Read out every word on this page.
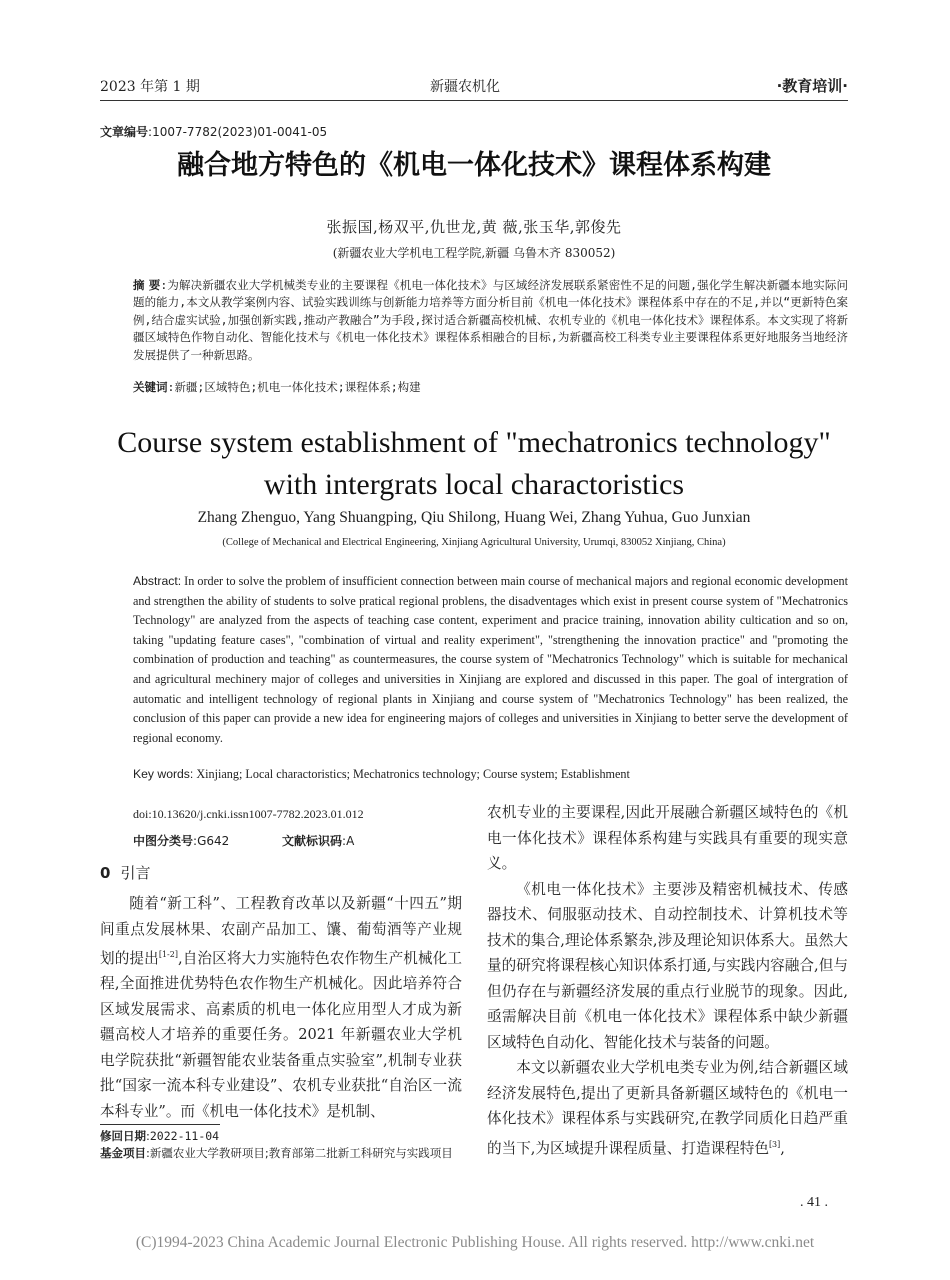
2023 年第 1 期	新疆农机化	·教育培训·
文章编号:1007-7782(2023)01-0041-05
融合地方特色的《机电一体化技术》课程体系构建
张振国,杨双平,仇世龙,黄 薇,张玉华,郭俊先
(新疆农业大学机电工程学院,新疆 乌鲁木齐 830052)
摘 要:为解决新疆农业大学机械类专业的主要课程《机电一体化技术》与区域经济发展联系紧密性不足的问题,强化学生解决新疆本地实际问题的能力,本文从教学案例内容、试验实践训练与创新能力培养等方面分析目前《机电一体化技术》课程体系中存在的不足,并以“更新特色案例,结合虚实试验,加强创新实践,推动产教融合”为手段,探讨适合新疆高校机械、农机专业的《机电一体化技术》课程体系。本文实现了将新疆区域特色作物自动化、智能化技术与《机电一体化技术》课程体系相融合的目标,为新疆高校工科类专业主要课程体系更好地服务当地经济发展提供了一种新思路。
关键词:新疆;区域特色;机电一体化技术;课程体系;构建
Course system establishment of "mechatronics technology" with intergrats local charactoristics
Zhang Zhenguo, Yang Shuangping, Qiu Shilong, Huang Wei, Zhang Yuhua, Guo Junxian
(College of Mechanical and Electrical Engineering, Xinjiang Agricultural University, Urumqi, 830052 Xinjiang, China)
Abstract: In order to solve the problem of insufficient connection between main course of mechanical majors and regional economic development and strengthen the ability of students to solve pratical regional problens, the disadventages which exist in present course system of "Mechatronics Technology" are analyzed from the aspects of teaching case content, experiment and pracice training, innovation ability cultication and so on, taking "updating feature cases", "combination of virtual and reality experiment", "strengthening the innovation practice" and "promoting the combination of production and teaching" as countermeasures, the course system of "Mechatronics Technology" which is suitable for mechanical and agricultural mechinery major of colleges and universities in Xinjiang are explored and discussed in this paper. The goal of intergration of automatic and intelligent technology of regional plants in Xinjiang and course system of "Mechatronics Technology" has been realized, the conclusion of this paper can provide a new idea for engineering majors of colleges and universities in Xinjiang to better serve the development of regional economy.
Key words: Xinjiang; Local charactoristics; Mechatronics technology; Course system; Establishment
doi:10.13620/j.cnki.issn1007-7782.2023.01.012
中图分类号:G642	文献标识码:A
0 引言

随着“新工科”、工程教育改革以及新疆“十四五”期间重点发展林果、农副产品加工、馕、葡萄酒等产业规划的提出[1-2],自治区将大力实施特色农作物生产机械化工程,全面推进优势特色农作物生产机械化。因此培养符合区域发展需求、高素质的机电一体化应用型人才成为新疆高校人才培养的重要任务。2021 年新疆农业大学机电学院获批“新疆智能农业装备重点实验室”,机制专业获批“国家一流本科专业建设”、农机专业获批“自治区一流本科专业”。而《机电一体化技术》是机制、

农机专业的主要课程,因此开展融合新疆区域特色的《机电一体化技术》课程体系构建与实践具有重要的现实意义。

《机电一体化技术》主要涉及精密机械技术、传感器技术、伺服驱动技术、自动控制技术、计算机技术等技术的集合,理论体系繁杂,涉及理论知识体系大。虽然大量的研究将课程核心知识体系打通,与实践内容融合,但与但仍存在与新疆经济发展的重点行业脱节的现象。因此,亟需解决目前《机电一体化技术》课程体系中缺少新疆区域特色自动化、智能化技术与装备的问题。

本文以新疆农业大学机电类专业为例,结合新疆区域经济发展特色,提出了更新具备新疆区域特色的《机电一体化技术》课程体系与实践研究,在教学同质化日趋严重的当下,为区域提升课程质量、打造课程特色[3],

修回日期:2022-11-04
基金项目:新疆农业大学教研项目;教育部第二批新工科研究与实践项目
. 41 .
(C)1994-2023 China Academic Journal Electronic Publishing House. All rights reserved. http://www.cnki.net
